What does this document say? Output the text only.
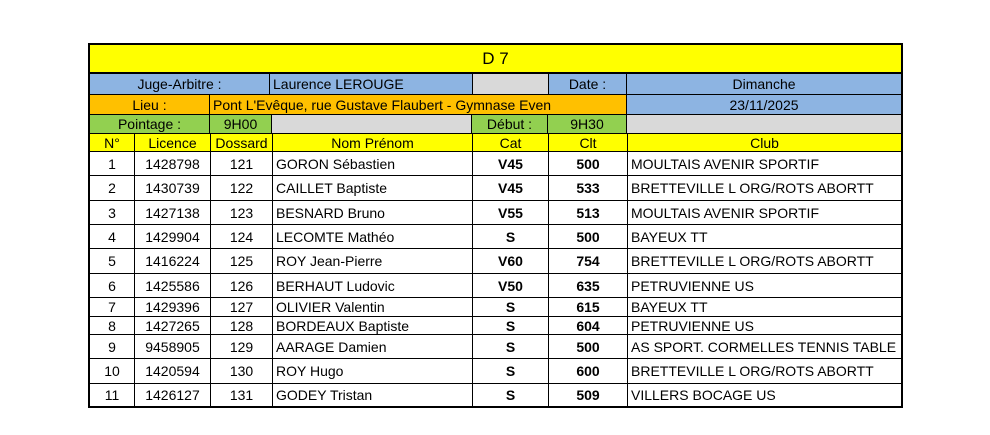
D 7
Juge-Arbitre :	Laurence LEROUGE	Date :	Dimanche
Lieu :	Pont L'Evêque, rue Gustave Flaubert - Gymnase Even	23/11/2025
Pointage :	9H00	Début :	9H30
N°	Licence	Dossard	Nom Prénom	Cat	Clt	Club
1	1428798	121	GORON Sébastien	V45	500	MOULTAIS AVENIR SPORTIF
2	1430739	122	CAILLET Baptiste	V45	533	BRETTEVILLE L ORG/ROTS ABORTT
3	1427138	123	BESNARD Bruno	V55	513	MOULTAIS AVENIR SPORTIF
4	1429904	124	LECOMTE Mathéo	S	500	BAYEUX TT
5	1416224	125	ROY Jean-Pierre	V60	754	BRETTEVILLE L ORG/ROTS ABORTT
6	1425586	126	BERHAUT Ludovic	V50	635	PETRUVIENNE US
7	1429396	127	OLIVIER Valentin	S	615	BAYEUX TT
8	1427265	128	BORDEAUX Baptiste	S	604	PETRUVIENNE US
9	9458905	129	AARAGE Damien	S	500	AS SPORT. CORMELLES TENNIS TABLE
10	1420594	130	ROY Hugo	S	600	BRETTEVILLE L ORG/ROTS ABORTT
11	1426127	131	GODEY Tristan	S	509	VILLERS BOCAGE US
